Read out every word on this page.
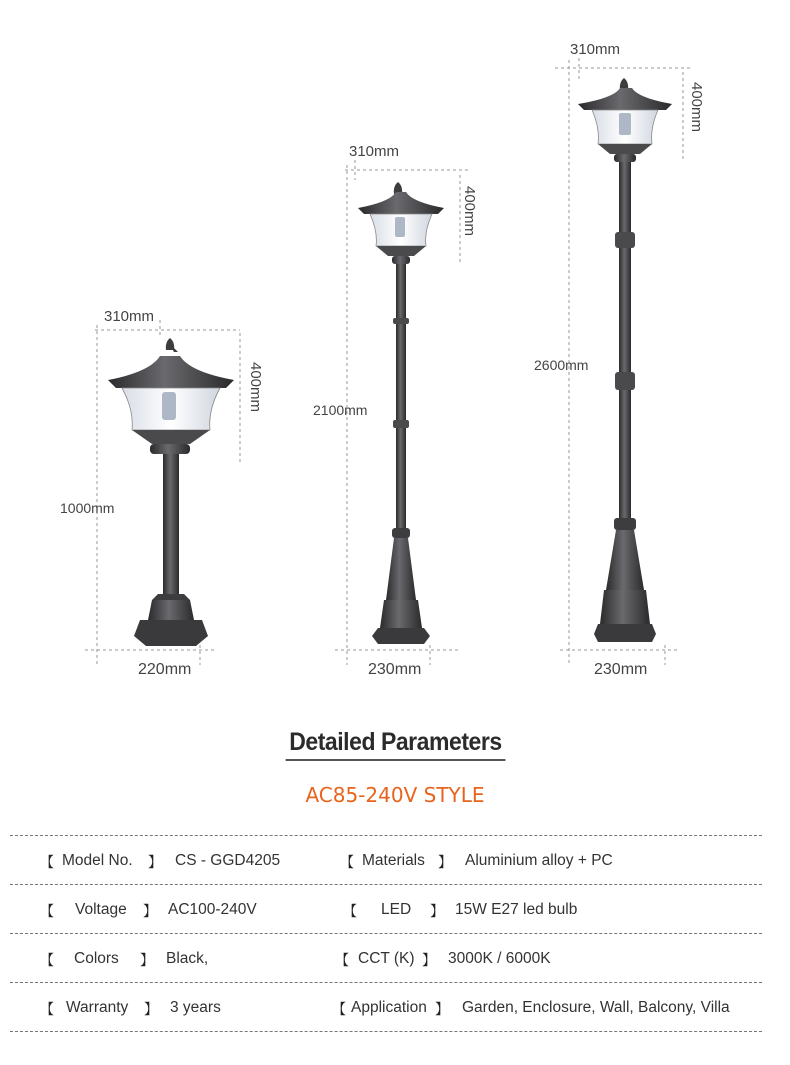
310mm
400mm
1000mm
220mm
310mm
400mm
2100mm
230mm
310mm
400mm
2600mm
230mm
Detailed Parameters
AC85-240V STYLE
【 Model No. 】 CS - GGD4205	【 Materials 】 Aluminium alloy + PC
【 Voltage 】 AC100-240V	【 LED 】 15W E27 led bulb
【 Colors 】 Black,	【 CCT (K) 】 3000K / 6000K
【 Warranty 】 3 years	【 Application 】 Garden, Enclosure, Wall, Balcony, Villa
